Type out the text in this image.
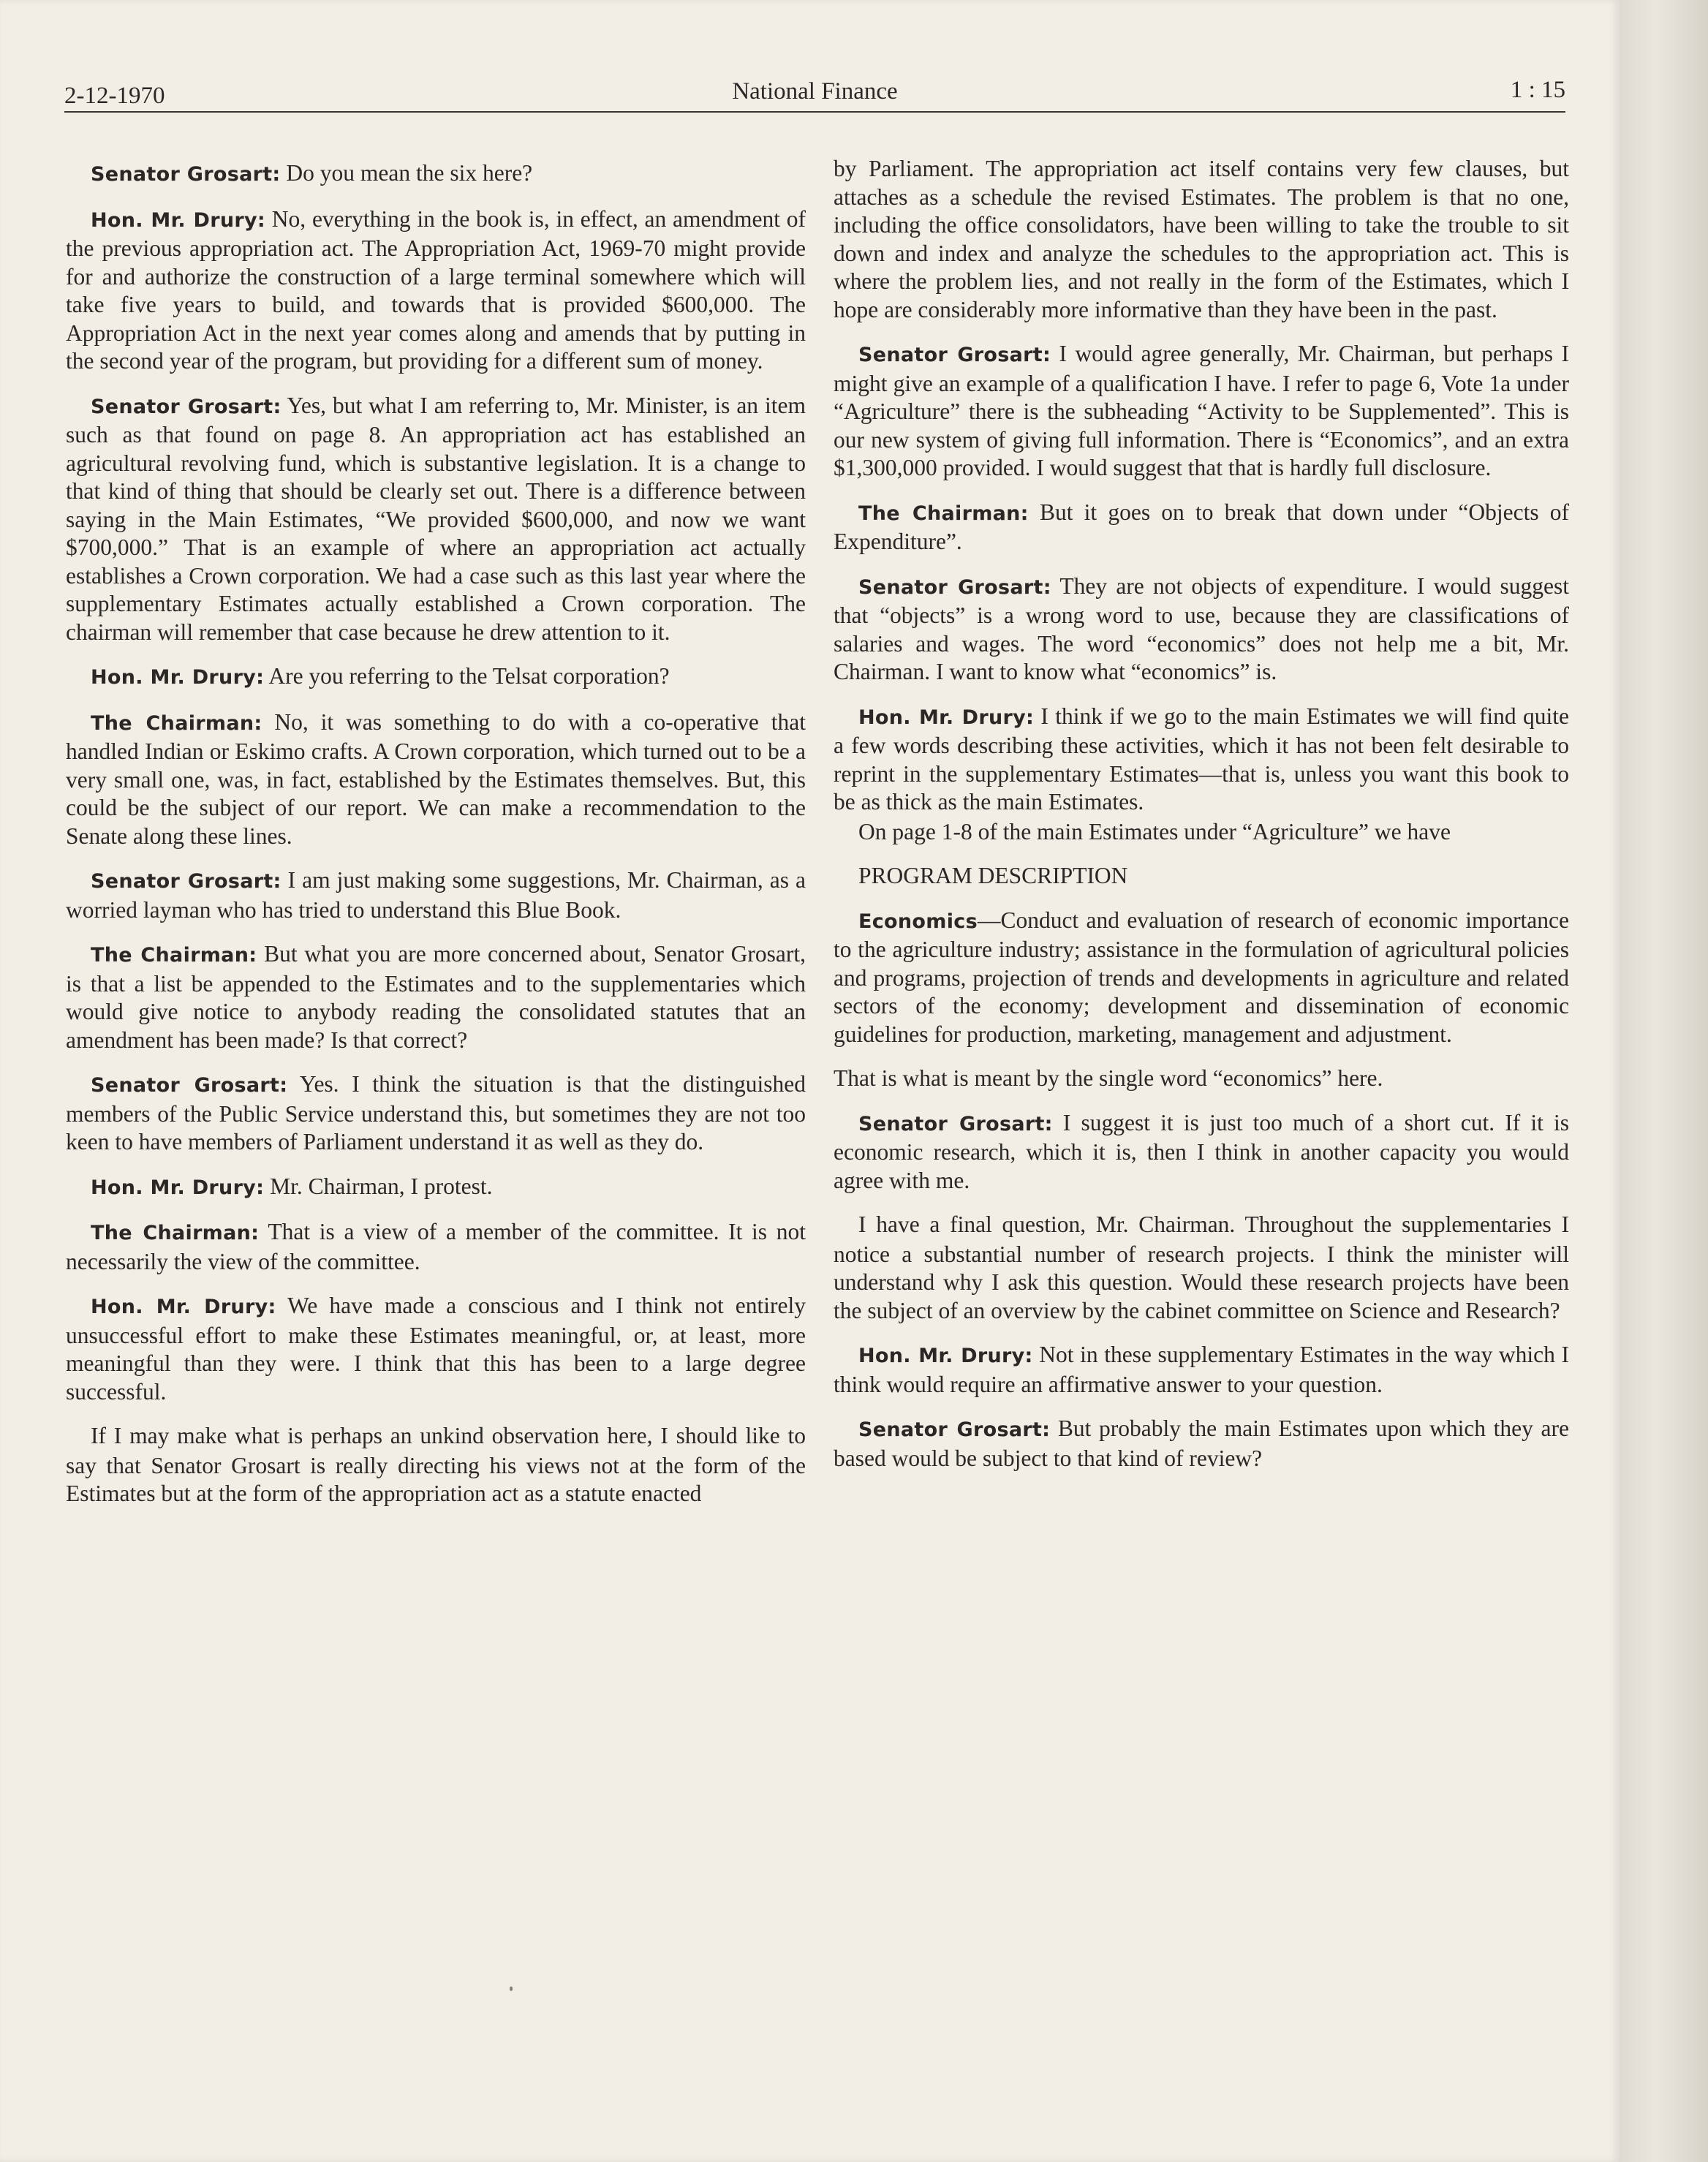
2-12-1970	National Finance	1 : 15

Senator Grosart: Do you mean the six here?

Hon. Mr. Drury: No, everything in the book is, in effect, an amendment of the previous appropriation act. The Appropriation Act, 1969-70 might provide for and authorize the construction of a large terminal somewhere which will take five years to build, and towards that is provided $600,000. The Appropriation Act in the next year comes along and amends that by putting in the second year of the program, but providing for a different sum of money.

Senator Grosart: Yes, but what I am referring to, Mr. Minister, is an item such as that found on page 8. An appropriation act has established an agricultural revolving fund, which is substantive legislation. It is a change to that kind of thing that should be clearly set out. There is a difference between saying in the Main Estimates, “We provided $600,000, and now we want $700,000.” That is an example of where an appropriation act actually establishes a Crown corporation. We had a case such as this last year where the supplementary Estimates actually established a Crown corporation. The chairman will remember that case because he drew attention to it.

Hon. Mr. Drury: Are you referring to the Telsat corporation?

The Chairman: No, it was something to do with a co-operative that handled Indian or Eskimo crafts. A Crown corporation, which turned out to be a very small one, was, in fact, established by the Estimates themselves. But, this could be the subject of our report. We can make a recommendation to the Senate along these lines.

Senator Grosart: I am just making some suggestions, Mr. Chairman, as a worried layman who has tried to understand this Blue Book.

The Chairman: But what you are more concerned about, Senator Grosart, is that a list be appended to the Estimates and to the supplementaries which would give notice to anybody reading the consolidated statutes that an amendment has been made? Is that correct?

Senator Grosart: Yes. I think the situation is that the distinguished members of the Public Service understand this, but sometimes they are not too keen to have members of Parliament understand it as well as they do.

Hon. Mr. Drury: Mr. Chairman, I protest.

The Chairman: That is a view of a member of the committee. It is not necessarily the view of the committee.

Hon. Mr. Drury: We have made a conscious and I think not entirely unsuccessful effort to make these Estimates meaningful, or, at least, more meaningful than they were. I think that this has been to a large degree successful.

If I may make what is perhaps an unkind observation here, I should like to say that Senator Grosart is really directing his views not at the form of the Estimates but at the form of the appropriation act as a statute enacted

by Parliament. The appropriation act itself contains very few clauses, but attaches as a schedule the revised Estimates. The problem is that no one, including the office consolidators, have been willing to take the trouble to sit down and index and analyze the schedules to the appropriation act. This is where the problem lies, and not really in the form of the Estimates, which I hope are considerably more informative than they have been in the past.

Senator Grosart: I would agree generally, Mr. Chairman, but perhaps I might give an example of a qualification I have. I refer to page 6, Vote 1a under “Agriculture” there is the subheading “Activity to be Supplemented”. This is our new system of giving full information. There is “Economics”, and an extra $1,300,000 provided. I would suggest that that is hardly full disclosure.

The Chairman: But it goes on to break that down under “Objects of Expenditure”.

Senator Grosart: They are not objects of expenditure. I would suggest that “objects” is a wrong word to use, because they are classifications of salaries and wages. The word “economics” does not help me a bit, Mr. Chairman. I want to know what “economics” is.

Hon. Mr. Drury: I think if we go to the main Estimates we will find quite a few words describing these activities, which it has not been felt desirable to reprint in the supplementary Estimates—that is, unless you want this book to be as thick as the main Estimates.

On page 1-8 of the main Estimates under “Agriculture” we have

PROGRAM DESCRIPTION

Economics—Conduct and evaluation of research of economic importance to the agriculture industry; assistance in the formulation of agricultural policies and programs, projection of trends and developments in agriculture and related sectors of the economy; development and dissemination of economic guidelines for production, marketing, management and adjustment.

That is what is meant by the single word “economics” here.

Senator Grosart: I suggest it is just too much of a short cut. If it is economic research, which it is, then I think in another capacity you would agree with me.

I have a final question, Mr. Chairman. Throughout the supplementaries I notice a substantial number of research projects. I think the minister will understand why I ask this question. Would these research projects have been the subject of an overview by the cabinet committee on Science and Research?

Hon. Mr. Drury: Not in these supplementary Estimates in the way which I think would require an affirmative answer to your question.

Senator Grosart: But probably the main Estimates upon which they are based would be subject to that kind of review?
